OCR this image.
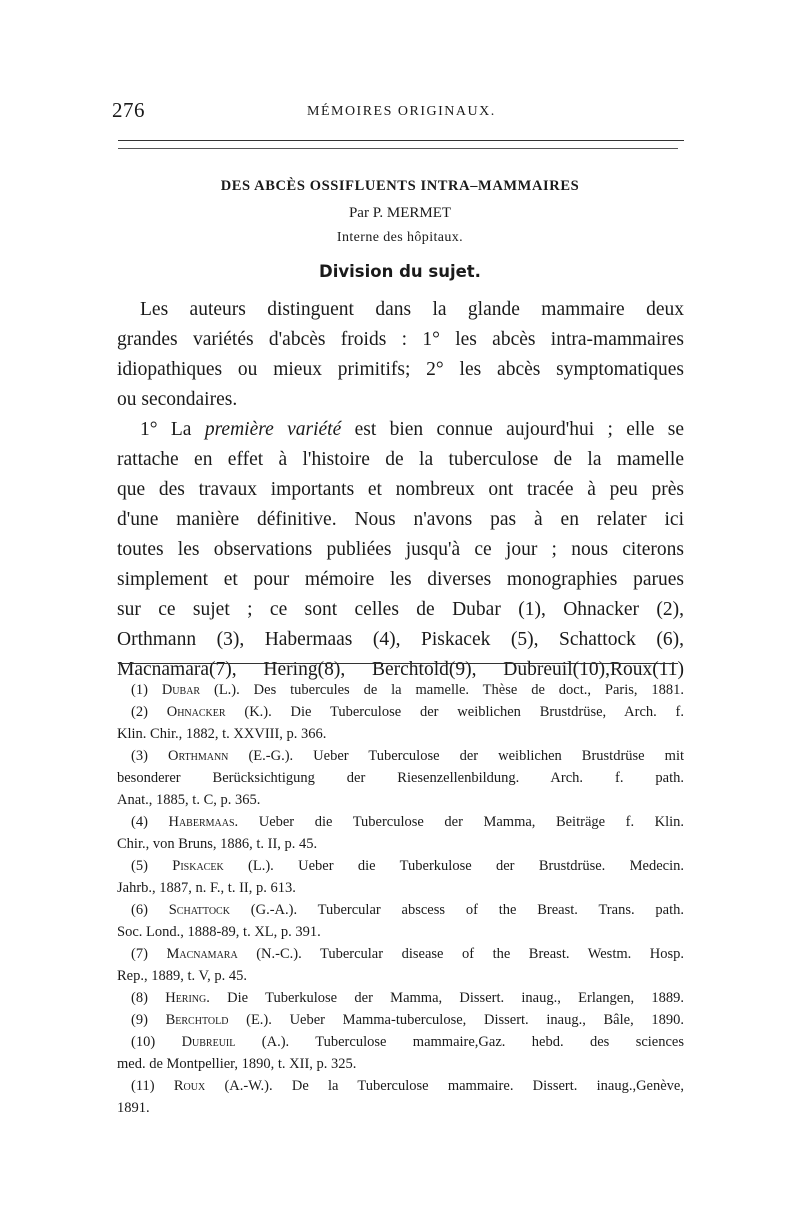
276	MÉMOIRES ORIGINAUX.
DES ABCÈS OSSIFLUENTS INTRA–MAMMAIRES
Par P. MERMET
Interne des hôpitaux.
Division du sujet.
Les auteurs distinguent dans la glande mammaire deux
grandes variétés d'abcès froids : 1° les abcès intra-mammaires
idiopathiques ou mieux primitifs; 2° les abcès symptomatiques
ou secondaires.
1° La première variété est bien connue aujourd'hui ; elle se
rattache en effet à l'histoire de la tuberculose de la mamelle
que des travaux importants et nombreux ont tracée à peu près
d'une manière définitive. Nous n'avons pas à en relater ici
toutes les observations publiées jusqu'à ce jour ; nous citerons
simplement et pour mémoire les diverses monographies parues
sur ce sujet ; ce sont celles de Dubar (1), Ohnacker (2),
Orthmann (3), Habermaas (4), Piskacek (5), Schattock (6),
Macnamara(7), Hering(8), Berchtold(9), Dubreuil(10),Roux(11)
(1) Dubar (L.). Des tubercules de la mamelle. Thèse de doct., Paris, 1881.
(2) Ohnacker (K.). Die Tuberculose der weiblichen Brustdrüse, Arch. f.
Klin. Chir., 1882, t. XXVIII, p. 366.
(3) Orthmann (E.-G.). Ueber Tuberculose der weiblichen Brustdrüse mit
besonderer Berücksichtigung der Riesenzellenbildung. Arch. f. path.
Anat., 1885, t. C, p. 365.
(4) Habermaas. Ueber die Tuberculose der Mamma, Beiträge f. Klin.
Chir., von Bruns, 1886, t. II, p. 45.
(5) Piskacek (L.). Ueber die Tuberkulose der Brustdrüse. Medecin.
Jahrb., 1887, n. F., t. II, p. 613.
(6) Schattock (G.-A.). Tubercular abscess of the Breast. Trans. path.
Soc. Lond., 1888-89, t. XL, p. 391.
(7) Macnamara (N.-C.). Tubercular disease of the Breast. Westm. Hosp.
Rep., 1889, t. V, p. 45.
(8) Hering. Die Tuberkulose der Mamma, Dissert. inaug., Erlangen, 1889.
(9) Berchtold (E.). Ueber Mamma-tuberculose, Dissert. inaug., Bâle, 1890.
(10) Dubreuil (A.). Tuberculose mammaire,Gaz. hebd. des sciences
med. de Montpellier, 1890, t. XII, p. 325.
(11) Roux (A.-W.). De la Tuberculose mammaire. Dissert. inaug.,Genève,
1891.
